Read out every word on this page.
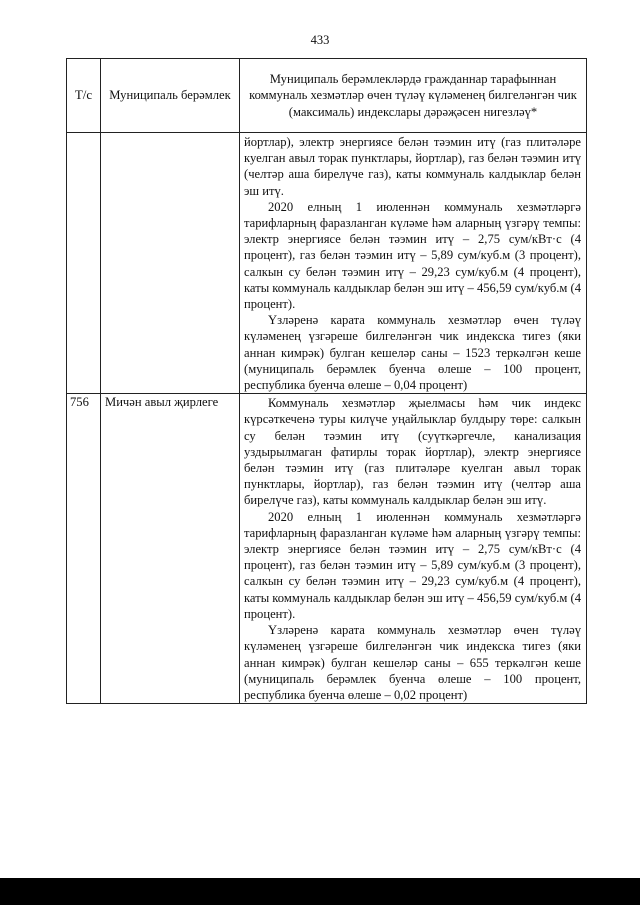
433
Т/с	Муниципаль берәмлек	Муниципаль берәмлекләрдә гражданнар тарафыннан коммуналь хезмәтләр өчен түләү күләменең билгеләнгән чик (максималь) индекслары дәрәҗәсен нигезләү*

		йортлар), электр энергиясе белән тәэмин итү (газ плитәләре куелган авыл торак пунктлары, йортлар), газ белән тәэмин итү (челтәр аша бирелүче газ), каты коммуналь калдыклар белән эш итү.

2020 елның 1 июленнән коммуналь хезмәтләргә тарифларның фаразланган күләме һәм аларның үзгәрү темпы: электр энергиясе белән тәэмин итү – 2,75 сум/кВт·с (4 процент), газ белән тәэмин итү – 5,89 сум/куб.м (3 процент), салкын су белән тәэмин итү – 29,23 сум/куб.м (4 процент), каты коммуналь калдыклар белән эш итү – 456,59 сум/куб.м (4 процент).

Үзләренә карата коммуналь хезмәтләр өчен түләү күләменең үзгәреше билгеләнгән чик индекска тигез (яки аннан кимрәк) булган кешеләр саны – 1523 теркәлгән кеше (муниципаль берәмлек буенча өлеше – 100 процент, республика буенча өлеше – 0,04 процент)

756	Мичән авыл җирлеге	Коммуналь хезмәтләр җыелмасы һәм чик индекс күрсәткеченә туры килүче уңайлыклар булдыру төре: салкын су белән тәэмин итү (суүткәргечле, канализация уздырылмаган фатирлы торак йортлар), электр энергиясе белән тәэмин итү (газ плитәләре куелган авыл торак пунктлары, йортлар), газ белән тәэмин итү (челтәр аша бирелүче газ), каты коммуналь калдыклар белән эш итү.

2020 елның 1 июленнән коммуналь хезмәтләргә тарифларның фаразланган күләме һәм аларның үзгәрү темпы: электр энергиясе белән тәэмин итү – 2,75 сум/кВт·с (4 процент), газ белән тәэмин итү – 5,89 сум/куб.м (3 процент), салкын су белән тәэмин итү – 29,23 сум/куб.м (4 процент), каты коммуналь калдыклар белән эш итү – 456,59 сум/куб.м (4 процент).

Үзләренә карата коммуналь хезмәтләр өчен түләү күләменең үзгәреше билгеләнгән чик индекска тигез (яки аннан кимрәк) булган кешеләр саны – 655 теркәлгән кеше (муниципаль берәмлек буенча өлеше – 100 процент, республика буенча өлеше – 0,02 процент)
